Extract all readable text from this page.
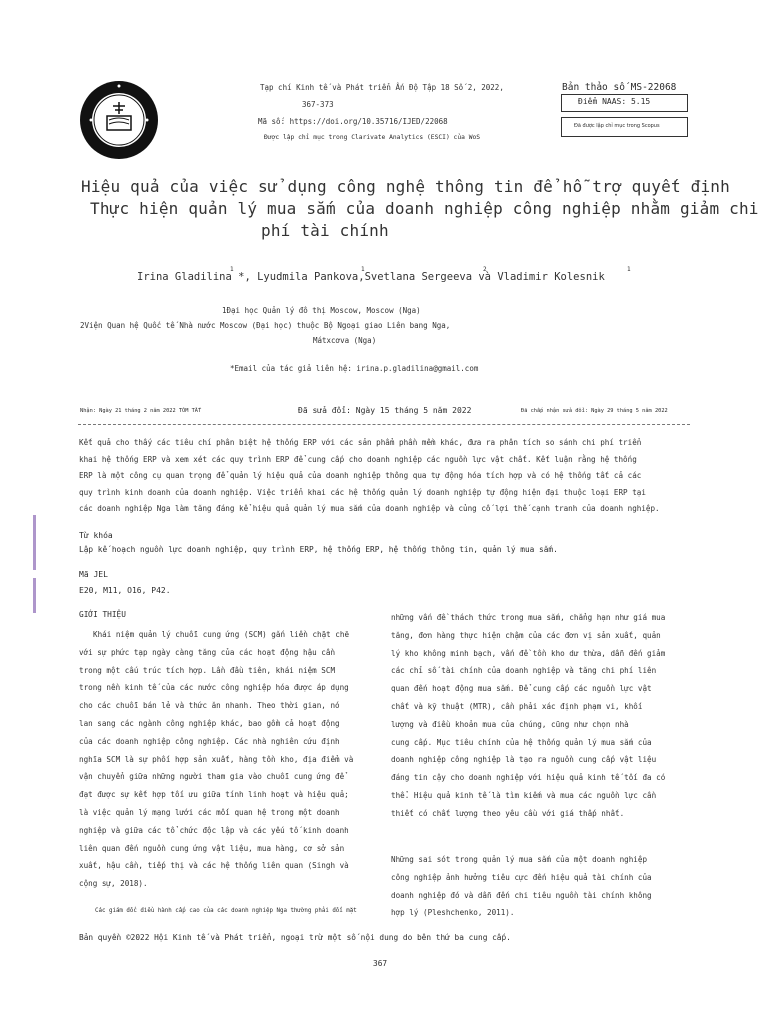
Tạp chí Kinh tế và Phát triển Ấn Độ Tập 18 Số 2, 2022,
367-373
Mã số: https://doi.org/10.35716/IJED/22068
Được lập chỉ mục trong Clarivate Analytics (ESCI) của WoS
Bản thảo số MS-22068
Điểm NAAS: 5.15
Đã được lập chỉ mục trong Scopus
Hiệu quả của việc sử dụng công nghệ thông tin để hỗ trợ quyết định
Thực hiện quản lý mua sắm của doanh nghiệp công nghiệp nhằm giảm chi
phí tài chính
1	1	2	1
Irina Gladilina *, Lyudmila Pankova,Svetlana Sergeeva và Vladimir Kolesnik
1Đại học Quản lý đô thị Moscow, Moscow (Nga)
2Viện Quan hệ Quốc tế Nhà nước Moscow (Đại học) thuộc Bộ Ngoại giao Liên bang Nga,
Mátxcơva (Nga)
*Email của tác giả liên hệ: irina.p.gladilina@gmail.com
Nhận: Ngày 21 tháng 2 năm 2022 TÓM TẮT	Đã sửa đổi: Ngày 15 tháng 5 năm 2022	Đã chấp nhận sửa đổi: Ngày 29 tháng 5 năm 2022
Kết quả cho thấy các tiêu chí phân biệt hệ thống ERP với các sản phẩm phần mềm khác, đưa ra phân tích so sánh chi phí triển
khai hệ thống ERP và xem xét các quy trình ERP để cung cấp cho doanh nghiệp các nguồn lực vật chất. Kết luận rằng hệ thống
ERP là một công cụ quan trọng để quản lý hiệu quả của doanh nghiệp thông qua tự động hóa tích hợp và có hệ thống tất cả các
quy trình kinh doanh của doanh nghiệp. Việc triển khai các hệ thống quản lý doanh nghiệp tự động hiện đại thuộc loại ERP tại
các doanh nghiệp Nga làm tăng đáng kể hiệu quả quản lý mua sắm của doanh nghiệp và củng cố lợi thế cạnh tranh của doanh nghiệp.
Từ khóa
Lập kế hoạch nguồn lực doanh nghiệp, quy trình ERP, hệ thống ERP, hệ thống thông tin, quản lý mua sắm.
Mã JEL
E20, M11, O16, P42.
GIỚI THIỆU
Khái niệm quản lý chuỗi cung ứng (SCM) gắn liền chặt chẽ
với sự phức tạp ngày càng tăng của các hoạt động hậu cần
trong một cấu trúc tích hợp. Lần đầu tiên, khái niệm SCM
trong nền kinh tế của các nước công nghiệp hóa được áp dụng
cho các chuỗi bán lẻ và thức ăn nhanh. Theo thời gian, nó
lan sang các ngành công nghiệp khác, bao gồm cả hoạt động
của các doanh nghiệp công nghiệp. Các nhà nghiên cứu định
nghĩa SCM là sự phối hợp sản xuất, hàng tồn kho, địa điểm và
vận chuyển giữa những người tham gia vào chuỗi cung ứng để
đạt được sự kết hợp tối ưu giữa tính linh hoạt và hiệu quả;
là việc quản lý mạng lưới các mối quan hệ trong một doanh
nghiệp và giữa các tổ chức độc lập và các yếu tố kinh doanh
liên quan đến nguồn cung ứng vật liệu, mua hàng, cơ sở sản
xuất, hậu cần, tiếp thị và các hệ thống liên quan (Singh và
cộng sự, 2018).
Các giám đốc điều hành cấp cao của các doanh nghiệp Nga thường phải đối mặt
những vấn đề thách thức trong mua sắm, chẳng hạn như giá mua
tăng, đơn hàng thực hiện chậm của các đơn vị sản xuất, quản
lý kho không minh bạch, vấn đề tồn kho dư thừa, dẫn đến giảm
các chỉ số tài chính của doanh nghiệp và tăng chi phí liên
quan đến hoạt động mua sắm. Để cung cấp các nguồn lực vật
chất và kỹ thuật (MTR), cần phải xác định phạm vi, khối
lượng và điều khoản mua của chúng, cũng như chọn nhà
cung cấp. Mục tiêu chính của hệ thống quản lý mua sắm của
doanh nghiệp công nghiệp là tạo ra nguồn cung cấp vật liệu
đáng tin cậy cho doanh nghiệp với hiệu quả kinh tế tối đa có
thể. Hiệu quả kinh tế là tìm kiếm và mua các nguồn lực cần
thiết có chất lượng theo yêu cầu với giá thấp nhất.
Những sai sót trong quản lý mua sắm của một doanh nghiệp
công nghiệp ảnh hưởng tiêu cực đến hiệu quả tài chính của
doanh nghiệp đó và dẫn đến chi tiêu nguồn tài chính không
hợp lý (Pleshchenko, 2011).
Bản quyền ©2022 Hội Kinh tế và Phát triển, ngoại trừ một số nội dung do bên thứ ba cung cấp.
367
